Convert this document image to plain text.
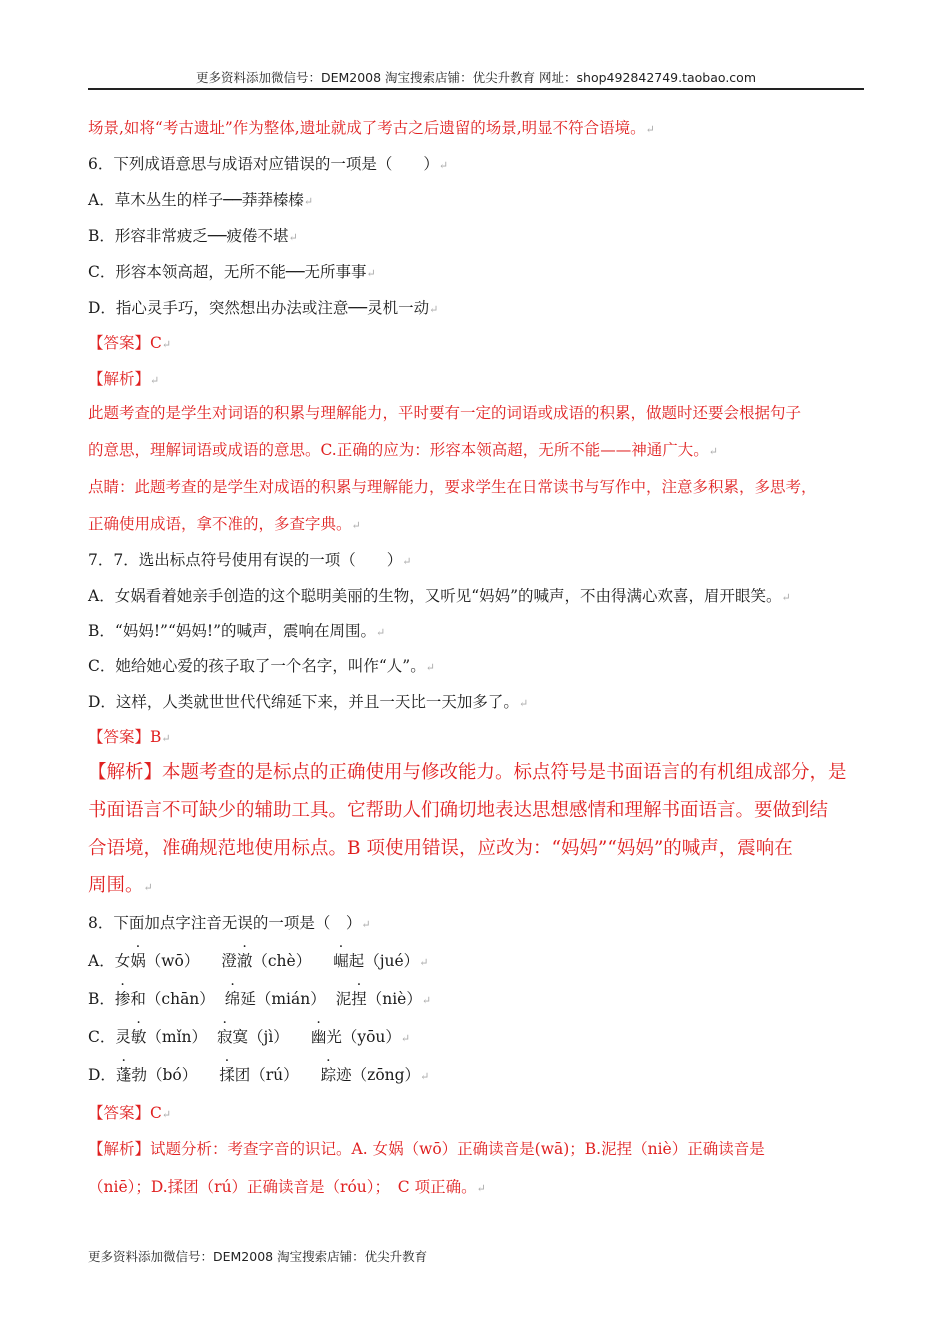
更多资料添加微信号：DEM2008 淘宝搜索店铺：优尖升教育 网址：shop492842749.taobao.com
场景,如将“考古遗址”作为整体,遗址就成了考古之后遗留的场景,明显不符合语境。↵
6．下列成语意思与成语对应错误的一项是（　　）↵
A．草木丛生的样子──莽莽榛榛↵
B．形容非常疲乏──疲倦不堪↵
C．形容本领高超，无所不能──无所事事↵
D．指心灵手巧，突然想出办法或注意──灵机一动↵
【答案】C↵
【解析】↵
此题考查的是学生对词语的积累与理解能力，平时要有一定的词语或成语的积累，做题时还要会根据句子
的意思，理解词语或成语的意思。C.正确的应为：形容本领高超，无所不能——神通广大。↵
点睛：此题考查的是学生对成语的积累与理解能力，要求学生在日常读书与写作中，注意多积累，多思考，
正确使用成语，拿不准的，多查字典。↵
7．7．选出标点符号使用有误的一项（　　）↵
A．女娲看着她亲手创造的这个聪明美丽的生物，又听见“妈妈”的喊声，不由得满心欢喜，眉开眼笑。↵
B．“妈妈!”“妈妈!”的喊声，震响在周围。↵
C．她给她心爱的孩子取了一个名字，叫作“人”。↵
D．这样，人类就世世代代绵延下来，并且一天比一天加多了。↵
【答案】B↵
【解析】本题考查的是标点的正确使用与修改能力。标点符号是书面语言的有机组成部分，是
书面语言不可缺少的辅助工具。它帮助人们确切地表达思想感情和理解书面语言。要做到结
合语境，准确规范地使用标点。B 项使用错误，应改为：“妈妈”“妈妈”的喊声，震响在
周围。↵
8．下面加点字注音无误的一项是（　）↵
A．女娲（wō） 澄澈（chè） 崛起（jué）↵
B．掺和（chān） 绵延（mián） 泥捏（niè）↵
C．灵敏（mǐn） 寂寞（jì） 幽光（yōu）↵
D．蓬勃（bó） 揉团（rú） 踪迹（zōng）↵
【答案】C↵
【解析】试题分析：考查字音的识记。A. 女娲（wō）正确读音是(wā)；B.泥捏（niè）正确读音是
（niē）；D.揉团（rú）正确读音是（róu）；　C 项正确。↵
更多资料添加微信号：DEM2008 淘宝搜索店铺：优尖升教育
